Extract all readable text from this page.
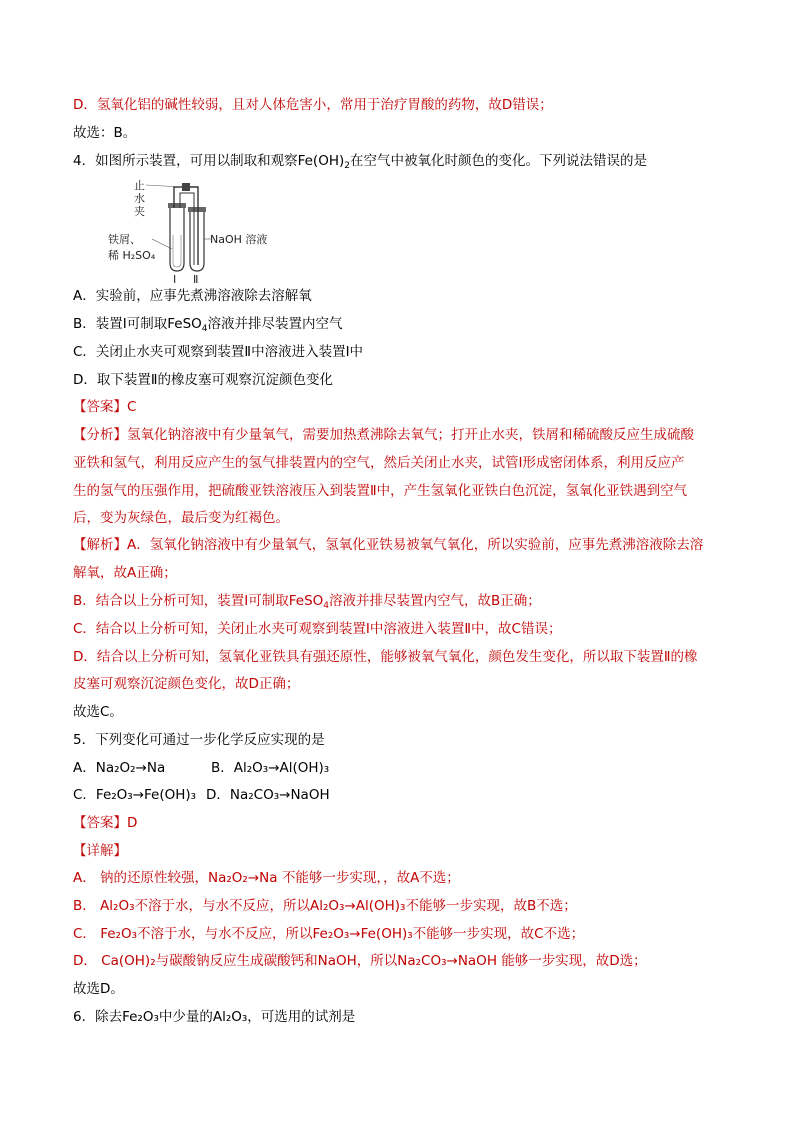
D．氢氧化铝的碱性较弱，且对人体危害小，常用于治疗胃酸的药物，故D错误；
故选：B。
4．如图所示装置，可用以制取和观察$Fe(OH)_2$在空气中被氧化时颜色的变化。下列说法错误的是
止
水
夹
铁屑、
稀 H₂SO₄
NaOH 溶液
Ⅰ Ⅱ
A．实验前，应事先煮沸溶液除去溶解氧
B．装置Ⅰ可制取FeSO$_4$溶液并排尽装置内空气
C．关闭止水夹可观察到装置Ⅱ中溶液进入装置Ⅰ中
D．取下装置Ⅱ的橡皮塞可观察沉淀颜色变化
【答案】C
【分析】氢氧化钠溶液中有少量氧气，需要加热煮沸除去氧气；打开止水夹，铁屑和稀硫酸反应生成硫酸
亚铁和氢气，利用反应产生的氢气排装置内的空气，然后关闭止水夹，试管Ⅰ形成密闭体系，利用反应产
生的氢气的压强作用，把硫酸亚铁溶液压入到装置Ⅱ中，产生氢氧化亚铁白色沉淀，氢氧化亚铁遇到空气
后，变为灰绿色，最后变为红褐色。
【解析】A．氢氧化钠溶液中有少量氧气，氢氧化亚铁易被氧气氧化，所以实验前，应事先煮沸溶液除去溶
解氧，故A正确；
B．结合以上分析可知，装置Ⅰ可制取FeSO$_4$溶液并排尽装置内空气，故B正确；
C．结合以上分析可知，关闭止水夹可观察到装置Ⅰ中溶液进入装置Ⅱ中，故C错误；
D．结合以上分析可知，氢氧化亚铁具有强还原性，能够被氧气氧化，颜色发生变化，所以取下装置Ⅱ的橡
皮塞可观察沉淀颜色变化，故D正确；
故选C。
5．下列变化可通过一步化学反应实现的是
A．Na₂O₂→Na	B．Al₂O₃→Al(OH)₃
C．Fe₂O₃→Fe(OH)₃ D．Na₂CO₃→NaOH
【答案】D
【详解】
A． 钠的还原性较强，Na₂O₂→Na 不能够一步实现，，故A不选；
B． Al₂O₃不溶于水，与水不反应，所以Al₂O₃→Al(OH)₃不能够一步实现，故B不选；
C． Fe₂O₃不溶于水，与水不反应，所以Fe₂O₃→Fe(OH)₃不能够一步实现，故C不选；
D． Ca(OH)₂与碳酸钠反应生成碳酸钙和NaOH，所以Na₂CO₃→NaOH 能够一步实现，故D选；
故选D。
6．除去Fe₂O₃中少量的Al₂O₃，可选用的试剂是
